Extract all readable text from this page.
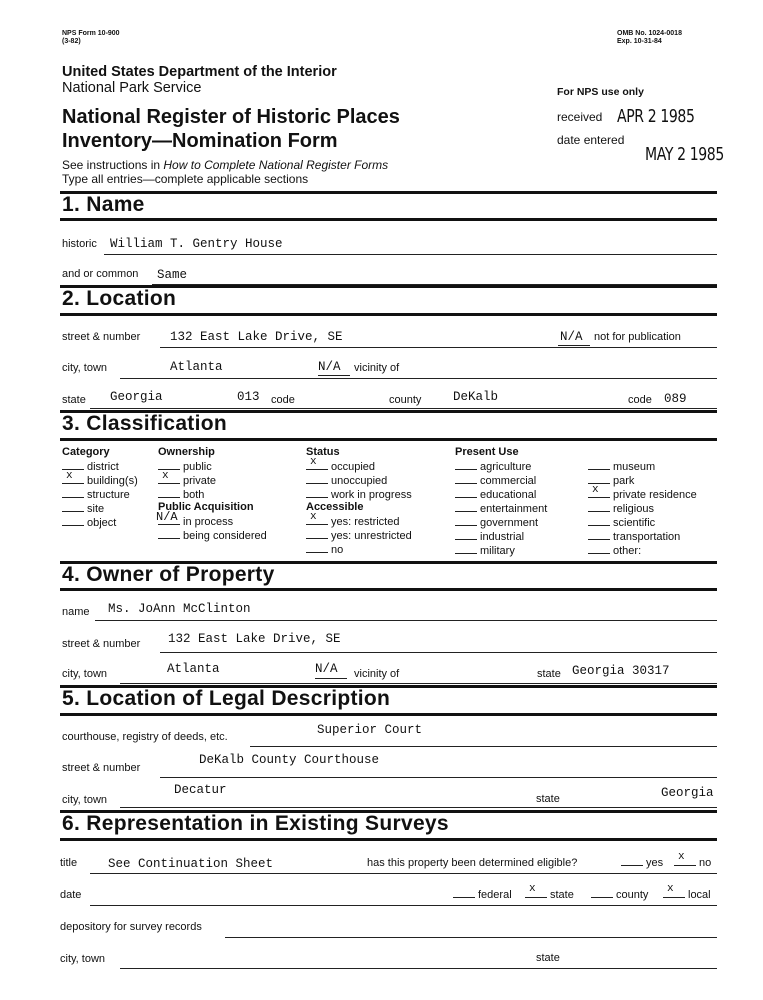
NPS Form 10-900
(3-82)
OMB No. 1024-0018
Exp. 10-31-84
United States Department of the Interior
National Park Service
National Register of Historic Places
Inventory—Nomination Form
See instructions in How to Complete National Register Forms
Type all entries—complete applicable sections
For NPS use only
received APR 2 1985
date entered
MAY 2 1985
1. Name
historic William T. Gentry House
and or common Same
2. Location
street & number 132 East Lake Drive, SE	N/A not for publication
city, town	Atlanta	N/A vicinity of
state Georgia	013 code	county	DeKalb	code 089
3. Classification
Category
district
x building(s)
structure
site
object
Ownership
public
x private
both
Public Acquisition
N/A in process
being considered
Status
x occupied
unoccupied
work in progress
Accessible
x yes: restricted
yes: unrestricted
no
Present Use
agriculture
commercial
educational
entertainment
government
industrial
military
museum
park
x private residence
religious
scientific
transportation
other:
4. Owner of Property
name Ms. JoAnn McClinton
street & number 132 East Lake Drive, SE
city, town	Atlanta	N/A vicinity of	state Georgia 30317
5. Location of Legal Description
courthouse, registry of deeds, etc.	Superior Court
street & number
DeKalb County Courthouse
city, town
Decatur
state	Georgia
6. Representation in Existing Surveys
title See Continuation Sheet	has this property been determined eligible?	yes x no
date	federal x state	county x local
depository for survey records
city, town	state
